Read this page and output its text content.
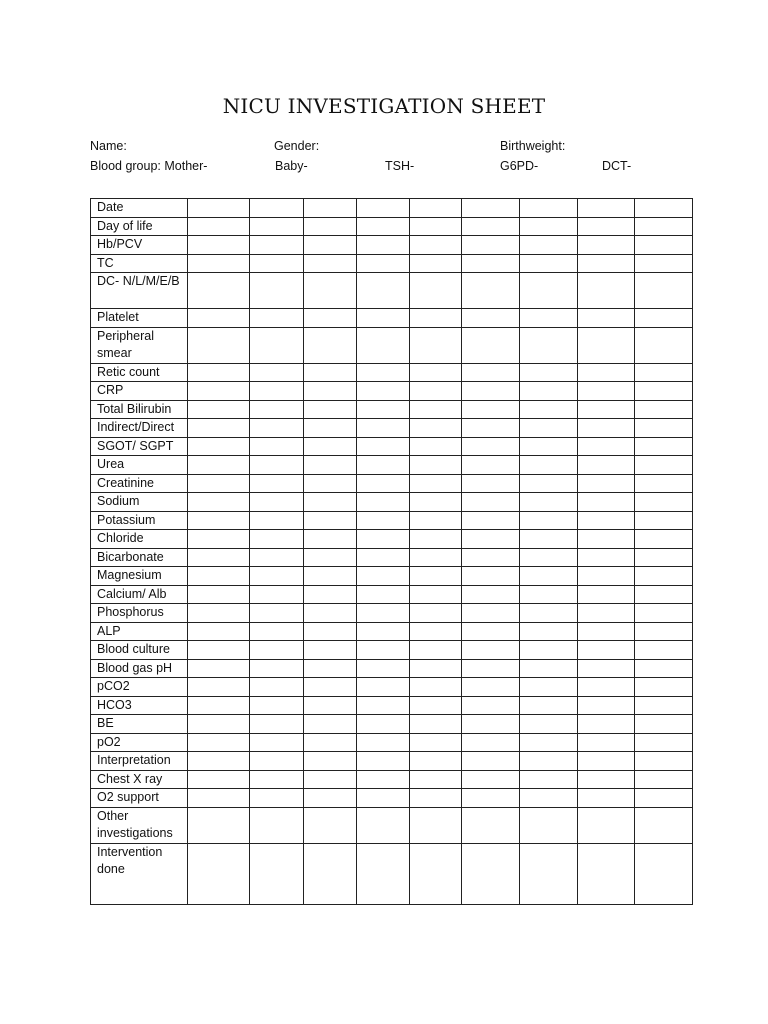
NICU INVESTIGATION SHEET
Name:	Gender:	Birthweight:
Blood group: Mother-	Baby-	TSH-	G6PD-	DCT-
Date									
Day of life									
Hb/PCV									
TC									
DC- N/L/M/E/B									
Platelet									
Peripheral smear									
Retic count									
CRP									
Total Bilirubin									
Indirect/Direct									
SGOT/ SGPT									
Urea									
Creatinine									
Sodium									
Potassium									
Chloride									
Bicarbonate									
Magnesium									
Calcium/ Alb									
Phosphorus									
ALP									
Blood culture									
Blood gas pH									
pCO2									
HCO3									
BE									
pO2									
Interpretation									
Chest X ray									
O2 support									
Other investigations									
Intervention done									
